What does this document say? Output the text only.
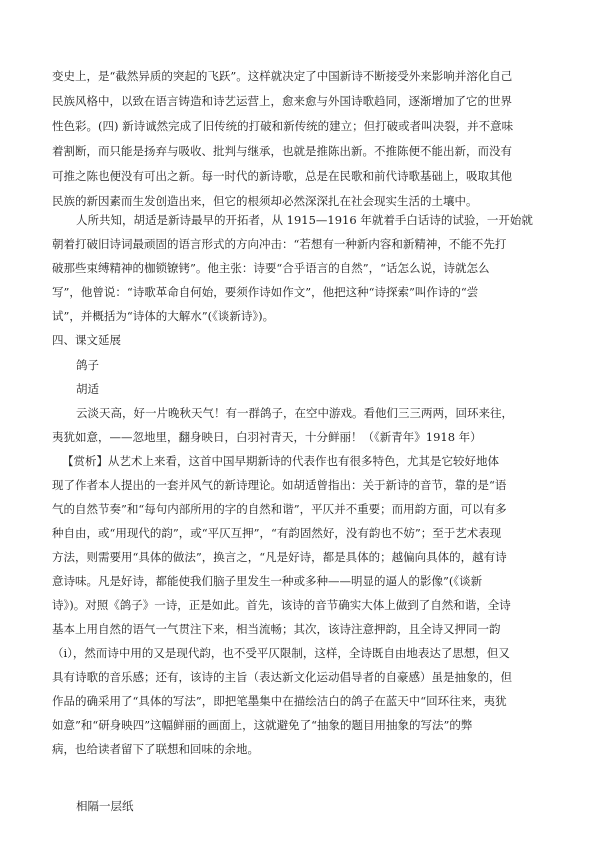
变史上，是“截然异质的突起的飞跃”。这样就决定了中国新诗不断接受外来影响并溶化自己
民族风格中，以致在语言铸造和诗艺运营上，愈来愈与外国诗歌趋同，逐渐增加了它的世界
性色彩。(四) 新诗诚然完成了旧传统的打破和新传统的建立；但打破或者叫决裂，并不意味
着割断，而只能是扬弃与吸收、批判与继承，也就是推陈出新。不推陈便不能出新，而没有
可推之陈也便没有可出之新。每一时代的新诗歌，总是在民歌和前代诗歌基础上，吸取其他
民族的新因素而生发创造出来，但它的根须却必然深深扎在社会现实生活的土壤中。
人所共知，胡适是新诗最早的开拓者，从 1915—1916 年就着手白话诗的试验，一开始就
朝着打破旧诗词最顽固的语言形式的方向冲击：“若想有一种新内容和新精神，不能不先打
破那些束缚精神的枷锁镣铐”。他主张：诗要“合乎语言的自然”，“话怎么说，诗就怎么
写”，他曾说：“诗歌革命自何始，要须作诗如作文”，他把这种“诗探索”叫作诗的“尝
试”，并概括为“诗体的大解水”(《谈新诗》)。
四、课文延展
鸽子
胡适
云淡天高，好一片晚秋天气！有一群鸽子，在空中游戏。看他们三三两两，回环来往，
夷犹如意，——忽地里，翻身映日，白羽衬青天，十分鲜丽！（《新青年》1918 年）
【赏析】从艺术上来看，这首中国早期新诗的代表作也有很多特色，尤其是它较好地体
现了作者本人提出的一套并风气的新诗理论。如胡适曾指出：关于新诗的音节，靠的是“语
气的自然节奏”和“每句内部所用的字的自然和谐”，平仄并不重要；而用韵方面，可以有多
种自由，或“用现代的韵”，或“平仄互押”，“有韵固然好，没有韵也不妨”；至于艺术表现
方法，则需要用“具体的做法”，换言之，“凡是好诗，都是具体的；越偏向具体的，越有诗
意诗味。凡是好诗，都能使我们脑子里发生一种或多种——明显的逼人的影像”(《谈新
诗》)。对照《鸽子》一诗，正是如此。首先，该诗的音节确实大体上做到了自然和谐，全诗
基本上用自然的语气一气贯注下来，相当流畅；其次，该诗注意押韵，且全诗又押同一韵
（i），然而诗中用的又是现代韵，也不受平仄限制，这样，全诗既自由地表达了思想，但又
具有诗歌的音乐感；还有，该诗的主旨（表达新文化运动倡导者的自豪感）虽是抽象的，但
作品的确采用了“具体的写法”，即把笔墨集中在描绘洁白的鸽子在蓝天中“回环往来，夷犹
如意”和“研身映四”这幅鲜丽的画面上，这就避免了“抽象的题目用抽象的写法”的弊
病，也给读者留下了联想和回味的余地。
相隔一层纸
